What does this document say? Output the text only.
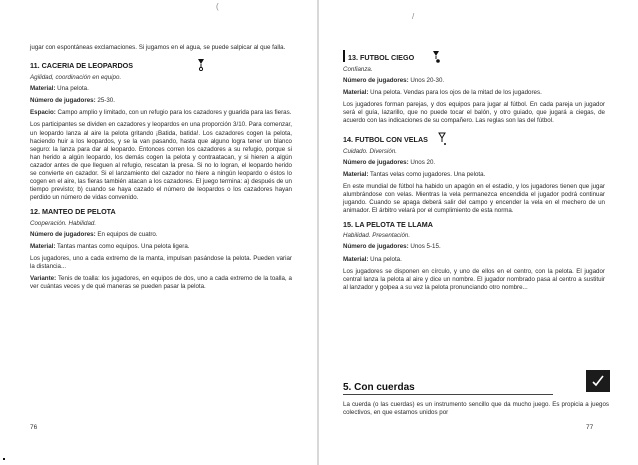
(

jugar con espontáneas exclamaciones. Si jugamos en el agua, se puede salpicar al que falla.

11. CACERIA DE LEOPARDOS

Agilidad, coordinación en equipo.

Material: Una pelota.

Número de jugadores: 25-30.

Espacio: Campo amplio y limitado, con un refugio para los cazadores y guarida para las fieras.

Los participantes se dividen en cazadores y leopardos en una proporción 3/10. Para comenzar, un leopardo lanza al aire la pelota gritando ¡Batida, batida!. Los cazadores cogen la pelota, haciendo huir a los leopardos, y se la van pasando, hasta que alguno logra tener un blanco seguro: la lanza para dar al leopardo. Entonces corren los cazadores a su refugio, porque si han herido a algún leopardo, los demás cogen la pelota y contraatacan, y si hieren a algún cazador antes de que lleguen al refugio, rescatan la presa. Si no lo logran, el leopardo herido se convierte en cazador. Si el lanzamiento del cazador no hiere a ningún leopardo o éstos lo cogen en el aire, las fieras también atacan a los cazadores. El juego termina: a) después de un tiempo previsto; b) cuando se haya cazado el número de leopardos o los cazadores hayan perdido un número de vidas convenido.

12. MANTEO DE PELOTA

Cooperación. Habilidad.

Número de jugadores: En equipos de cuatro.

Material: Tantas mantas como equipos. Una pelota ligera.

Los jugadores, uno a cada extremo de la manta, impulsan pasándose la pelota. Pueden variar la distancia...

Variante: Tenis de toalla: los jugadores, en equipos de dos, uno a cada extremo de la toalla, a ver cuántas veces y de qué maneras se pueden pasar la pelota.

76
/
13. FUTBOL CIEGO

Confianza.

Número de jugadores: Unos 20-30.

Material: Una pelota. Vendas para los ojos de la mitad de los jugadores.

Los jugadores forman parejas, y dos equipos para jugar al fútbol. En cada pareja un jugador será el guía, lazarillo, que no puede tocar el balón, y otro guiado, que jugará a ciegas, de acuerdo con las indicaciones de su compañero. Las reglas son las del fútbol.

14. FUTBOL CON VELAS

Cuidado. Diversión.

Número de jugadores: Unos 20.

Material: Tantas velas como jugadores. Una pelota.

En este mundial de fútbol ha habido un apagón en el estadio, y los jugadores tienen que jugar alumbrándose con velas. Mientras la vela permanezca encendida el jugador podrá continuar jugando. Cuando se apaga deberá salir del campo y encender la vela en el mechero de un animador. El árbitro velará por el cumplimiento de esta norma.

15. LA PELOTA TE LLAMA

Habilidad. Presentación.

Número de jugadores: Unos 5-15.

Material: Una pelota.

Los jugadores se disponen en círculo, y uno de ellos en el centro, con la pelota. El jugador central lanza la pelota al aire y dice un nombre. El jugador nombrado pasa al centro a sustituir al lanzador y golpea a su vez la pelota pronunciando otro nombre...

5. Con cuerdas
La cuerda (o las cuerdas) es un instrumento sencillo que da mucho juego. Es propicia a juegos colectivos, en que estamos unidos por
77
